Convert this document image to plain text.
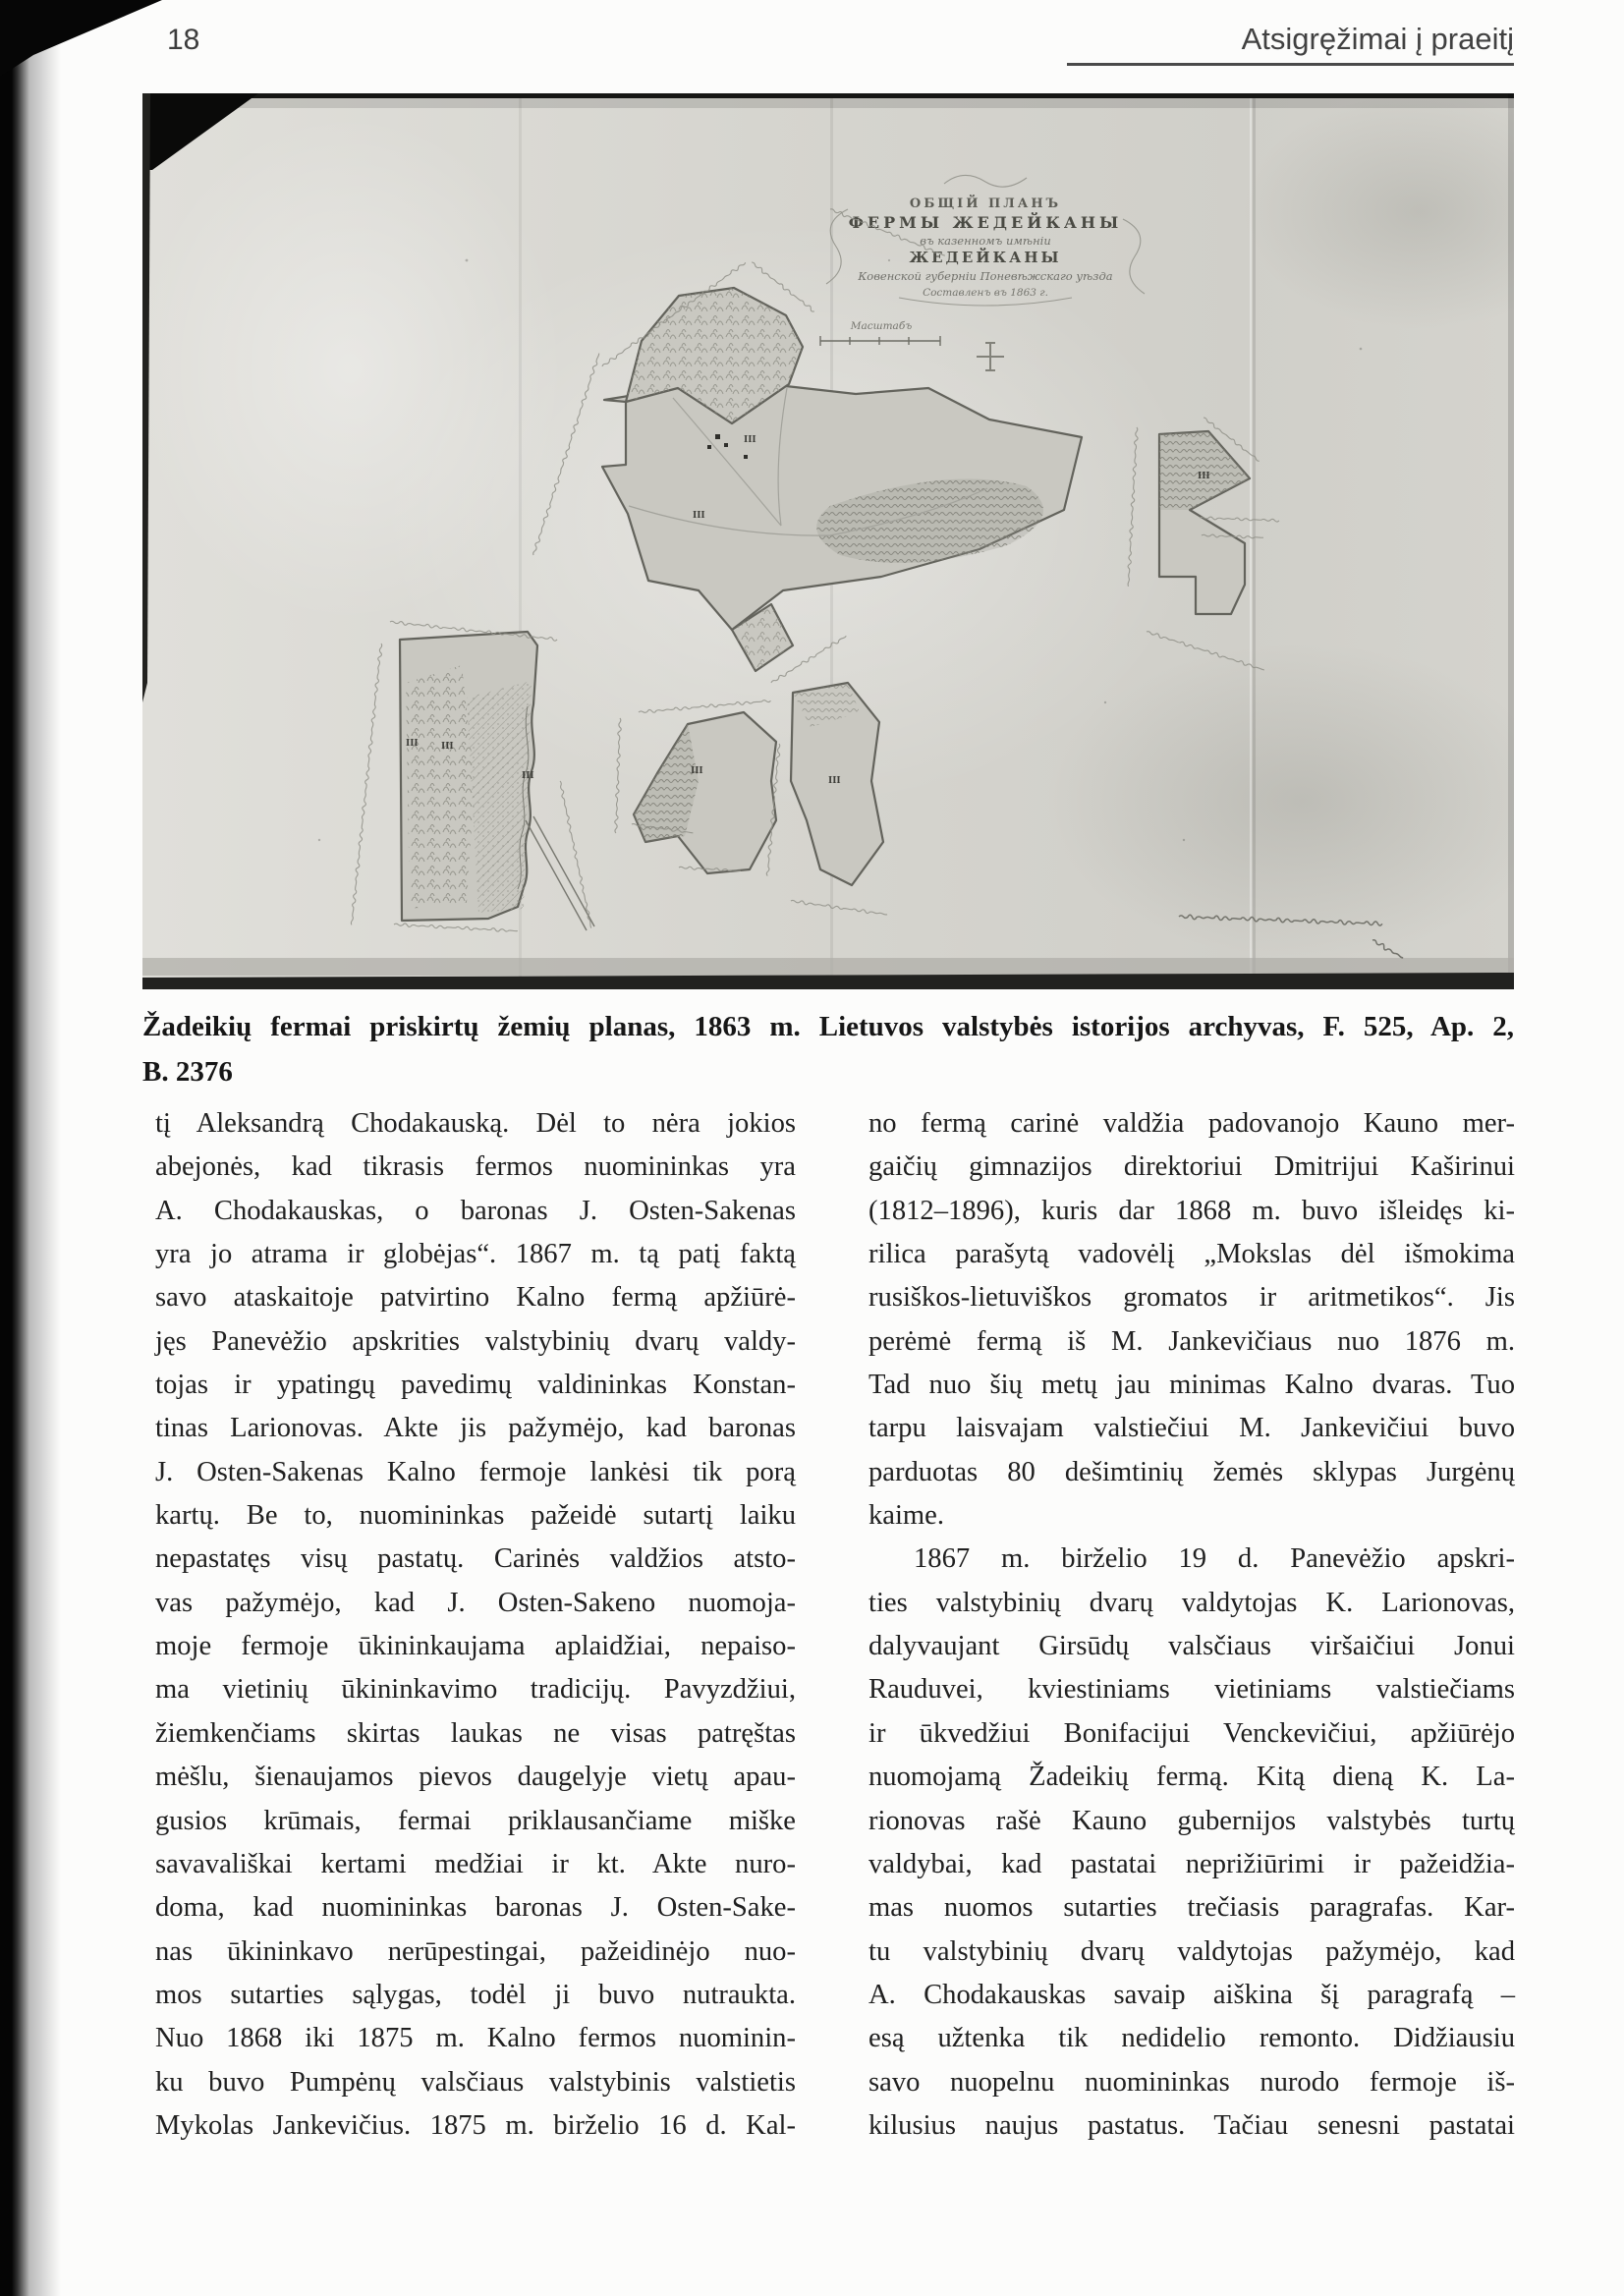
18	Atsigręžimai į praeitį
ОБЩІЙ ПЛАНЪ
ФЕРМЫ ЖЕДЕЙКАНЫ
въ казенномъ имѣніи
ЖЕДЕЙКАНЫ
Ковенской губерніи Поневѣжскаго уѣзда
Составленъ въ 1863 г.
Масштабъ
III
III
III	III
III	III
III
III
Žadeikių fermai priskirtų žemių planas, 1863 m. Lietuvos valstybės istorijos archyvas, F. 525, Ap. 2,
B. 2376
tį Aleksandrą Chodakauską. Dėl to nėra jokios
abejonės, kad tikrasis fermos nuomininkas yra
A. Chodakauskas, o baronas J. Osten-Sakenas
yra jo atrama ir globėjas“. 1867 m. tą patį faktą
savo ataskaitoje patvirtino Kalno fermą apžiūrė-
jęs Panevėžio apskrities valstybinių dvarų valdy-
tojas ir ypatingų pavedimų valdininkas Konstan-
tinas Larionovas. Akte jis pažymėjo, kad baronas
J. Osten-Sakenas Kalno fermoje lankėsi tik porą
kartų. Be to, nuomininkas pažeidė sutartį laiku
nepastatęs visų pastatų. Carinės valdžios atsto-
vas pažymėjo, kad J. Osten-Sakeno nuomoja-
moje fermoje ūkininkaujama aplaidžiai, nepaiso-
ma vietinių ūkininkavimo tradicijų. Pavyzdžiui,
žiemkenčiams skirtas laukas ne visas patręštas
mėšlu, šienaujamos pievos daugelyje vietų apau-
gusios krūmais, fermai priklausančiame miške
savavališkai kertami medžiai ir kt. Akte nuro-
doma, kad nuomininkas baronas J. Osten-Sake-
nas ūkininkavo nerūpestingai, pažeidinėjo nuo-
mos sutarties sąlygas, todėl ji buvo nutraukta.
Nuo 1868 iki 1875 m. Kalno fermos nuominin-
ku buvo Pumpėnų valsčiaus valstybinis valstietis
Mykolas Jankevičius. 1875 m. birželio 16 d. Kal-
no fermą carinė valdžia padovanojo Kauno mer-
gaičių gimnazijos direktoriui Dmitrijui Kaširinui
(1812–1896), kuris dar 1868 m. buvo išleidęs ki-
rilica parašytą vadovėlį „Mokslas dėl išmokima
rusiškos-lietuviškos gromatos ir aritmetikos“. Jis
perėmė fermą iš M. Jankevičiaus nuo 1876 m.
Tad nuo šių metų jau minimas Kalno dvaras. Tuo
tarpu laisvajam valstiečiui M. Jankevičiui buvo
parduotas 80 dešimtinių žemės sklypas Jurgėnų
kaime.
1867 m. birželio 19 d. Panevėžio apskri-
ties valstybinių dvarų valdytojas K. Larionovas,
dalyvaujant Girsūdų valsčiaus viršaičiui Jonui
Rauduvei, kviestiniams vietiniams valstiečiams
ir ūkvedžiui Bonifacijui Venckevičiui, apžiūrėjo
nuomojamą Žadeikių fermą. Kitą dieną K. La-
rionovas rašė Kauno gubernijos valstybės turtų
valdybai, kad pastatai neprižiūrimi ir pažeidžia-
mas nuomos sutarties trečiasis paragrafas. Kar-
tu valstybinių dvarų valdytojas pažymėjo, kad
A. Chodakauskas savaip aiškina šį paragrafą –
esą užtenka tik nedidelio remonto. Didžiausiu
savo nuopelnu nuomininkas nurodo fermoje iš-
kilusius naujus pastatus. Tačiau senesni pastatai
